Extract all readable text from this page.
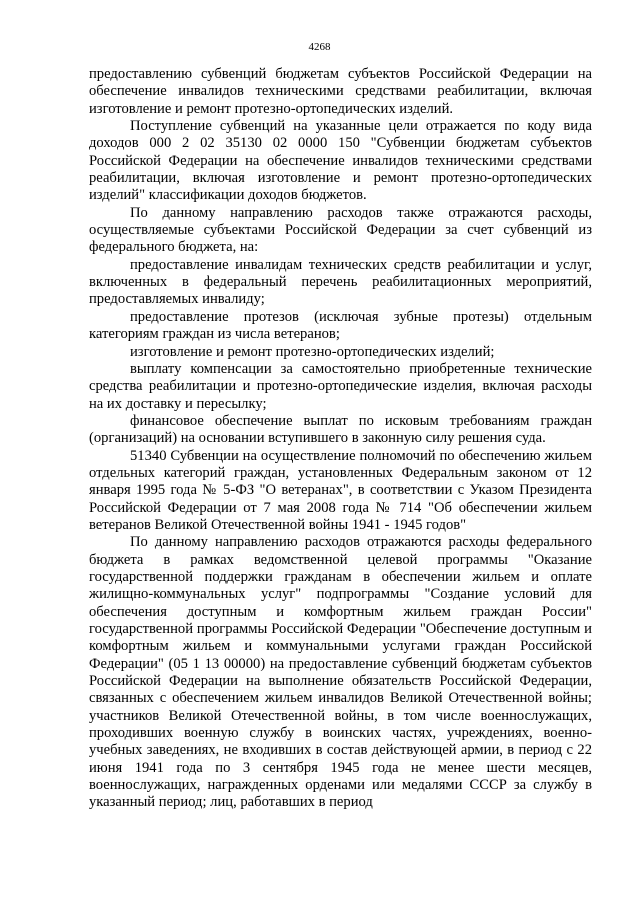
4268

предоставлению субвенций бюджетам субъектов Российской Федерации на обеспечение инвалидов техническими средствами реабилитации, включая изготовление и ремонт протезно-ортопедических изделий.

Поступление субвенций на указанные цели отражается по коду вида доходов 000 2 02 35130 02 0000 150 "Субвенции бюджетам субъектов Российской Федерации на обеспечение инвалидов техническими средствами реабилитации, включая изготовление и ремонт протезно-ортопедических изделий" классификации доходов бюджетов.

По данному направлению расходов также отражаются расходы, осуществляемые субъектами Российской Федерации за счет субвенций из федерального бюджета, на:

предоставление инвалидам технических средств реабилитации и услуг, включенных в федеральный перечень реабилитационных мероприятий, предоставляемых инвалиду;

предоставление протезов (исключая зубные протезы) отдельным категориям граждан из числа ветеранов;

изготовление и ремонт протезно-ортопедических изделий;

выплату компенсации за самостоятельно приобретенные технические средства реабилитации и протезно-ортопедические изделия, включая расходы на их доставку и пересылку;

финансовое обеспечение выплат по исковым требованиям граждан (организаций) на основании вступившего в законную силу решения суда.

51340 Субвенции на осуществление полномочий по обеспечению жильем отдельных категорий граждан, установленных Федеральным законом от 12 января 1995 года № 5-ФЗ "О ветеранах", в соответствии с Указом Президента Российской Федерации от 7 мая 2008 года № 714 "Об обеспечении жильем ветеранов Великой Отечественной войны 1941 - 1945 годов"

По данному направлению расходов отражаются расходы федерального бюджета в рамках ведомственной целевой программы "Оказание государственной поддержки гражданам в обеспечении жильем и оплате жилищно-коммунальных услуг" подпрограммы "Создание условий для обеспечения доступным и комфортным жильем граждан России" государственной программы Российской Федерации "Обеспечение доступным и комфортным жильем и коммунальными услугами граждан Российской Федерации" (05 1 13 00000) на предоставление субвенций бюджетам субъектов Российской Федерации на выполнение обязательств Российской Федерации, связанных с обеспечением жильем инвалидов Великой Отечественной войны; участников Великой Отечественной войны, в том числе военнослужащих, проходивших военную службу в воинских частях, учреждениях, военно-учебных заведениях, не входивших в состав действующей армии, в период с 22 июня 1941 года по 3 сентября 1945 года не менее шести месяцев, военнослужащих, награжденных орденами или медалями СССР за службу в указанный период; лиц, работавших в период
